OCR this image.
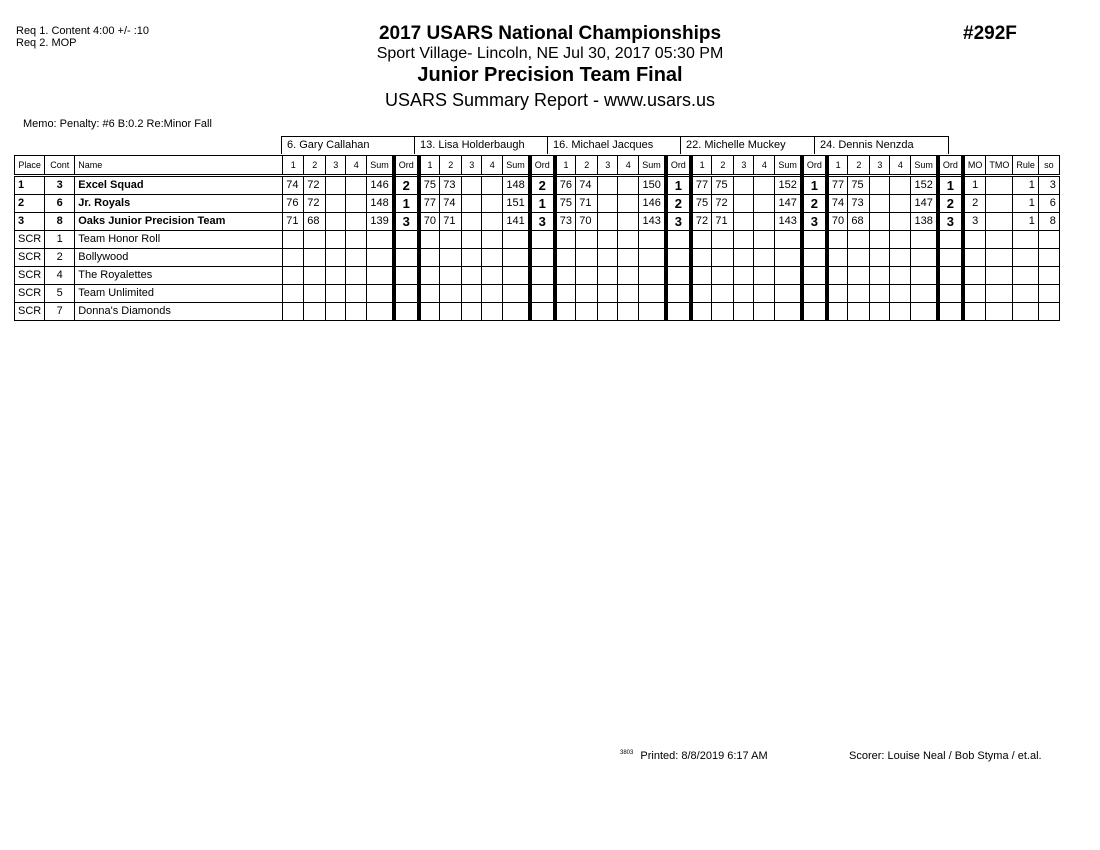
Req 1. Content 4:00 +/- :10
Req 2. MOP	2017 USARS National Championships
Sport Village- Lincoln, NE Jul 30, 2017 05:30 PM
Junior Precision Team Final
USARS Summary Report - www.usars.us
#292F
Memo: Penalty: #6 B:0.2 Re:Minor Fall
6. Gary Callahan	13. Lisa Holderbaugh	16. Michael Jacques	22. Michelle Muckey	24. Dennis Nenzda
Place	Cont	Name	1	2	3	4	Sum	Ord	1	2	3	4	Sum	Ord	1	2	3	4	Sum	Ord	1	2	3	4	Sum	Ord	1	2	3	4	Sum	Ord	MO	TMO	Rule	so
1	3	Excel Squad	74	72			146	2	75	73			148	2	76	74			150	1	77	75			152	1	77	75			152	1	1		1	3
2	6	Jr. Royals	76	72			148	1	77	74			151	1	75	71			146	2	75	72			147	2	74	73			147	2	2		1	6
3	8	Oaks Junior Precision Team	71	68			139	3	70	71			141	3	73	70			143	3	72	71			143	3	70	68			138	3	3		1	8
SCR	1	Team Honor Roll																																		
SCR	2	Bollywood																																		
SCR	4	The Royalettes																																		
SCR	5	Team Unlimited																																		
SCR	7	Donna's Diamonds																																		
$^{3803}$ Printed: 8/8/2019 6:17 AM	Scorer: Louise Neal / Bob Styma / et.al.
